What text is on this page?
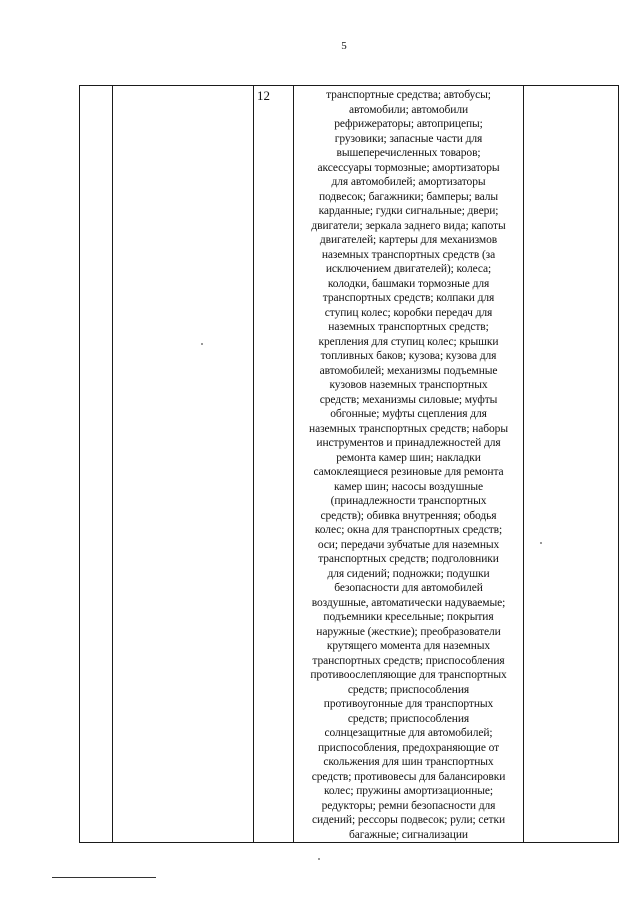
5

12	транспортные средства; автобусы;
автомобили; автомобили
рефрижераторы; автоприцепы;
грузовики; запасные части для
вышеперечисленных товаров;
аксессуары тормозные; амортизаторы
для автомобилей; амортизаторы
подвесок; багажники; бамперы; валы
карданные; гудки сигнальные; двери;
двигатели; зеркала заднего вида; капоты
двигателей; картеры для механизмов
наземных транспортных средств (за
исключением двигателей); колеса;
колодки, башмаки тормозные для
транспортных средств; колпаки для
ступиц колес; коробки передач для
наземных транспортных средств;
крепления для ступиц колес; крышки
топливных баков; кузова; кузова для
автомобилей; механизмы подъемные
кузовов наземных транспортных
средств; механизмы силовые; муфты
обгонные; муфты сцепления для
наземных транспортных средств; наборы
инструментов и принадлежностей для
ремонта камер шин; накладки
самоклеящиеся резиновые для ремонта
камер шин; насосы воздушные
(принадлежности транспортных
средств); обивка внутренняя; ободья
колес; окна для транспортных средств;
оси; передачи зубчатые для наземных
транспортных средств; подголовники
для сидений; подножки; подушки
безопасности для автомобилей
воздушные, автоматически надуваемые;
подъемники кресельные; покрытия
наружные (жесткие); преобразователи
крутящего момента для наземных
транспортных средств; приспособления
противоослепляющие для транспортных
средств; приспособления
противоугонные для транспортных
средств; приспособления
солнцезащитные для автомобилей;
приспособления, предохраняющие от
скольжения для шин транспортных
средств; противовесы для балансировки
колес; пружины амортизационные;
редукторы; ремни безопасности для
сидений; рессоры подвесок; рули; сетки
багажные; сигнализации
